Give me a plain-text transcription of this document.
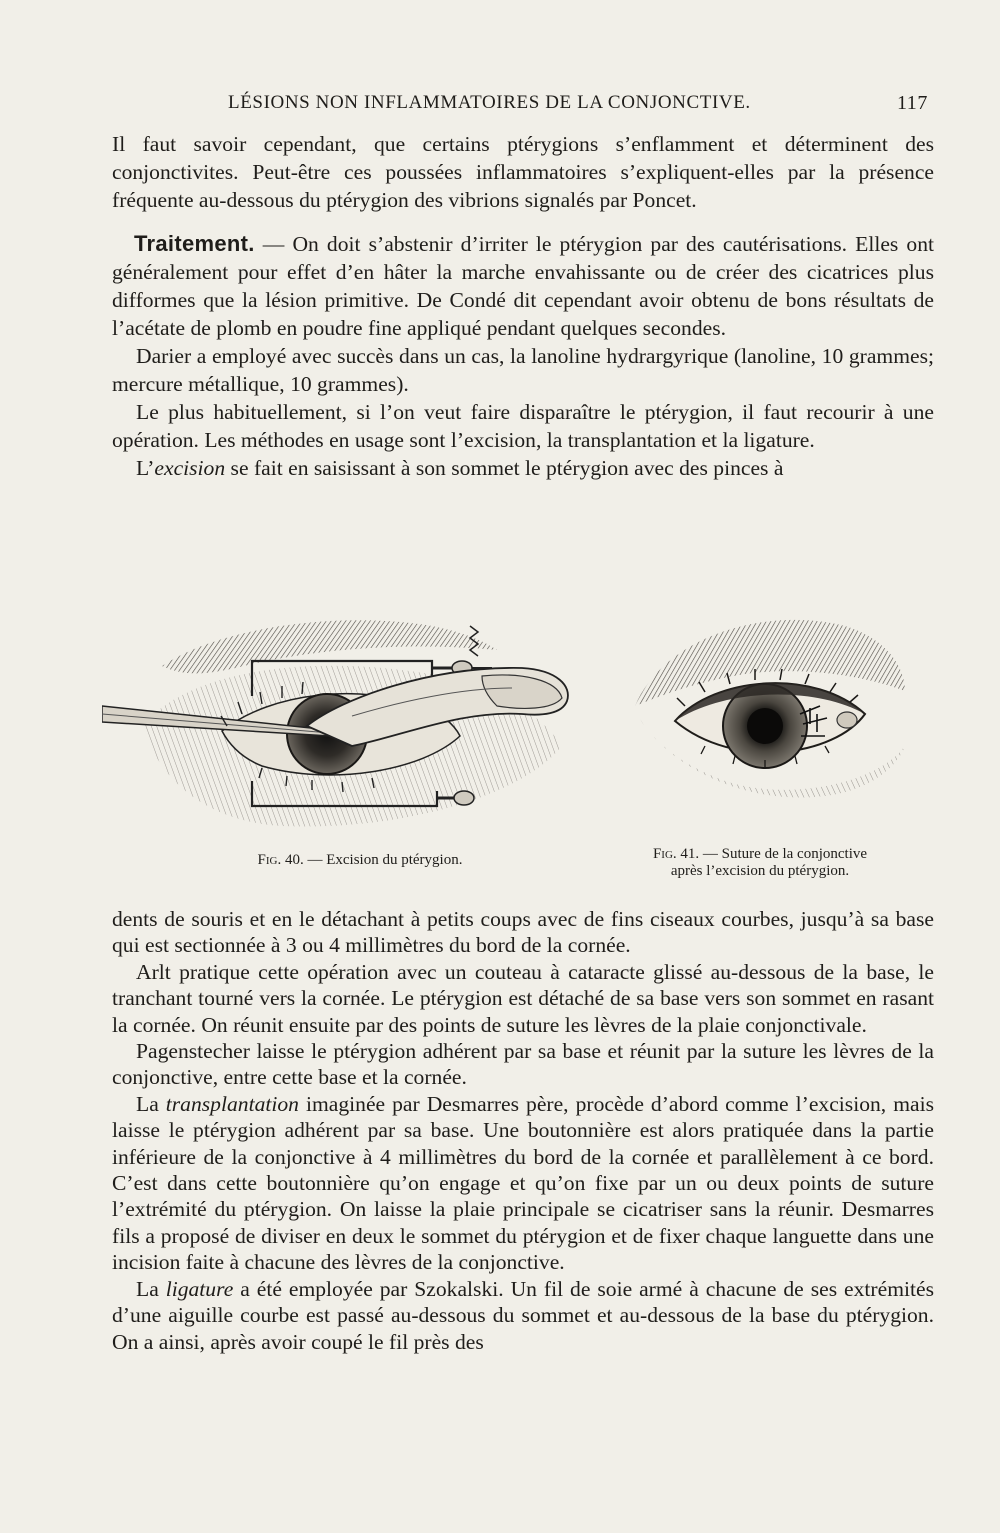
LÉSIONS NON INFLAMMATOIRES DE LA CONJONCTIVE.	117

Il faut savoir cependant, que certains ptérygions s’enflamment et déterminent des conjonctivites. Peut-être ces poussées inflammatoires s’expliquent-elles par la présence fréquente au-dessous du ptérygion des vibrions signalés par Poncet.

Traitement. — On doit s’abstenir d’irriter le ptérygion par des cautérisations. Elles ont généralement pour effet d’en hâter la marche envahissante ou de créer des cicatrices plus difformes que la lésion primitive. De Condé dit cependant avoir obtenu de bons résultats de l’acétate de plomb en poudre fine appliqué pendant quelques secondes.

Darier a employé avec succès dans un cas, la lanoline hydrargyrique (lanoline, 10 grammes; mercure métallique, 10 grammes).

Le plus habituellement, si l’on veut faire disparaître le ptérygion, il faut recourir à une opération. Les méthodes en usage sont l’excision, la transplantation et la ligature.

L’excision se fait en saisissant à son sommet le ptérygion avec des pinces à

Fig. 40. — Excision du ptérygion.	Fig. 41. — Suture de la conjonctive
après l’excision du ptérygion.

dents de souris et en le détachant à petits coups avec de fins ciseaux courbes, jusqu’à sa base qui est sectionnée à 3 ou 4 millimètres du bord de la cornée.

Arlt pratique cette opération avec un couteau à cataracte glissé au-dessous de la base, le tranchant tourné vers la cornée. Le ptérygion est détaché de sa base vers son sommet en rasant la cornée. On réunit ensuite par des points de suture les lèvres de la plaie conjonctivale.

Pagenstecher laisse le ptérygion adhérent par sa base et réunit par la suture les lèvres de la conjonctive, entre cette base et la cornée.

La transplantation imaginée par Desmarres père, procède d’abord comme l’excision, mais laisse le ptérygion adhérent par sa base. Une boutonnière est alors pratiquée dans la partie inférieure de la conjonctive à 4 millimètres du bord de la cornée et parallèlement à ce bord. C’est dans cette boutonnière qu’on engage et qu’on fixe par un ou deux points de suture l’extrémité du ptérygion. On laisse la plaie principale se cicatriser sans la réunir. Desmarres fils a proposé de diviser en deux le sommet du ptérygion et de fixer chaque languette dans une incision faite à chacune des lèvres de la conjonctive.

La ligature a été employée par Szokalski. Un fil de soie armé à chacune de ses extrémités d’une aiguille courbe est passé au-dessous du sommet et au-dessous de la base du ptérygion. On a ainsi, après avoir coupé le fil près des
